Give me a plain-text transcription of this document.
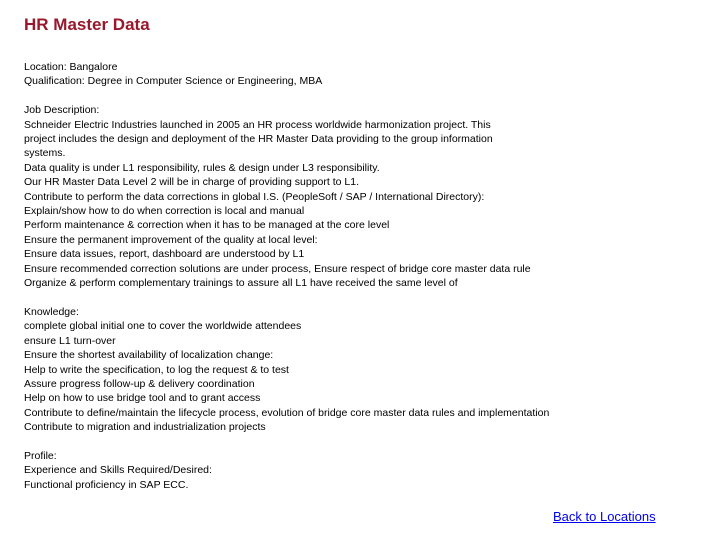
HR Master Data
Location: Bangalore
Qualification: Degree in Computer Science or Engineering, MBA
Job Description:
Schneider Electric Industries launched in 2005 an HR process worldwide harmonization project. This
project includes the design and deployment of the HR Master Data providing to the group information
systems.
Data quality is under L1 responsibility, rules & design under L3 responsibility.
Our HR Master Data Level 2 will be in charge of providing support to L1.
Contribute to perform the data corrections in global I.S. (PeopleSoft / SAP / International Directory):
Explain/show how to do when correction is local and manual
Perform maintenance & correction when it has to be managed at the core level
Ensure the permanent improvement of the quality at local level:
Ensure data issues, report, dashboard are understood by L1
Ensure recommended correction solutions are under process, Ensure respect of bridge core master data rule
Organize & perform complementary trainings to assure all L1 have received the same level of
Knowledge:
complete global initial one to cover the worldwide attendees
ensure L1 turn-over
Ensure the shortest availability of localization change:
Help to write the specification, to log the request & to test
Assure progress follow-up & delivery coordination
Help on how to use bridge tool and to grant access
Contribute to define/maintain the lifecycle process, evolution of bridge core master data rules and implementation
Contribute to migration and industrialization projects
Profile:
Experience and Skills Required/Desired:
Functional proficiency in SAP ECC.
Back to Locations
